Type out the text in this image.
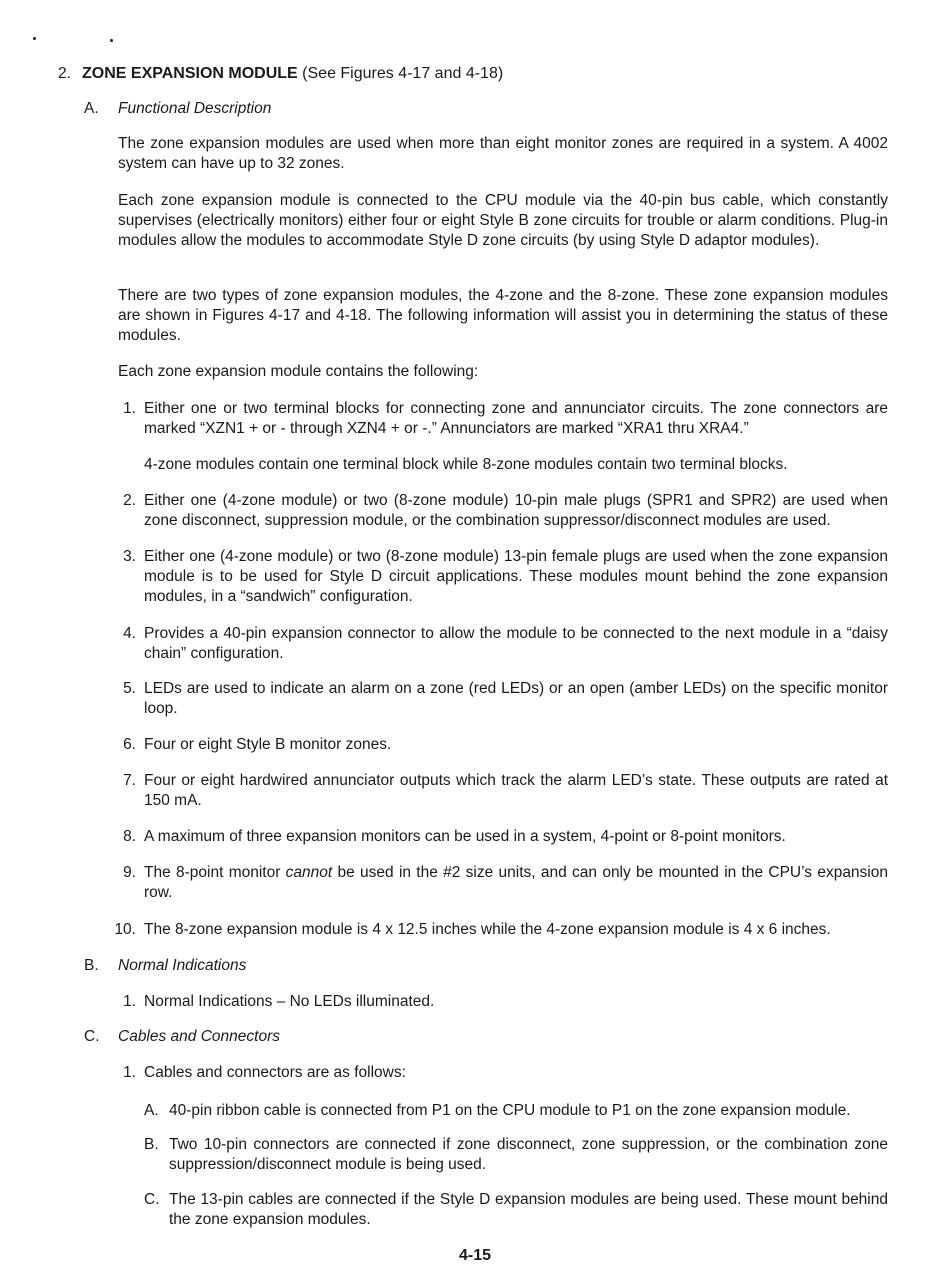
2. ZONE EXPANSION MODULE (See Figures 4-17 and 4-18)
A. Functional Description

The zone expansion modules are used when more than eight monitor zones are required in a system. A 4002 system can have up to 32 zones.

Each zone expansion module is connected to the CPU module via the 40-pin bus cable, which constantly supervises (electrically monitors) either four or eight Style B zone circuits for trouble or alarm conditions. Plug-in modules allow the modules to accommodate Style D zone circuits (by using Style D adaptor modules).

There are two types of zone expansion modules, the 4-zone and the 8-zone. These zone expansion modules are shown in Figures 4-17 and 4-18. The following information will assist you in determining the status of these modules.

Each zone expansion module contains the following:

1. Either one or two terminal blocks for connecting zone and annunciator circuits. The zone connectors are marked “XZN1 + or - through XZN4 + or -.” Annunciators are marked “XRA1 thru XRA4.”

4-zone modules contain one terminal block while 8-zone modules contain two terminal blocks.

2. Either one (4-zone module) or two (8-zone module) 10-pin male plugs (SPR1 and SPR2) are used when zone disconnect, suppression module, or the combination suppressor/disconnect modules are used.

3. Either one (4-zone module) or two (8-zone module) 13-pin female plugs are used when the zone expansion module is to be used for Style D circuit applications. These modules mount behind the zone expansion modules, in a “sandwich” configuration.

4. Provides a 40-pin expansion connector to allow the module to be connected to the next module in a “daisy chain” configuration.

5. LEDs are used to indicate an alarm on a zone (red LEDs) or an open (amber LEDs) on the specific monitor loop.

6. Four or eight Style B monitor zones.

7. Four or eight hardwired annunciator outputs which track the alarm LED’s state. These outputs are rated at 150 mA.

8. A maximum of three expansion monitors can be used in a system, 4-point or 8-point monitors.

9. The 8-point monitor cannot be used in the #2 size units, and can only be mounted in the CPU’s expansion row.

10. The 8-zone expansion module is 4 x 12.5 inches while the 4-zone expansion module is 4 x 6 inches.

B. Normal Indications
1. Normal Indications – No LEDs illuminated.

C. Cables and Connectors
1. Cables and connectors are as follows:

A. 40-pin ribbon cable is connected from P1 on the CPU module to P1 on the zone expansion module.

B. Two 10-pin connectors are connected if zone disconnect, zone suppression, or the combination zone suppression/disconnect module is being used.

C. The 13-pin cables are connected if the Style D expansion modules are being used. These mount behind the zone expansion modules.

4-15
